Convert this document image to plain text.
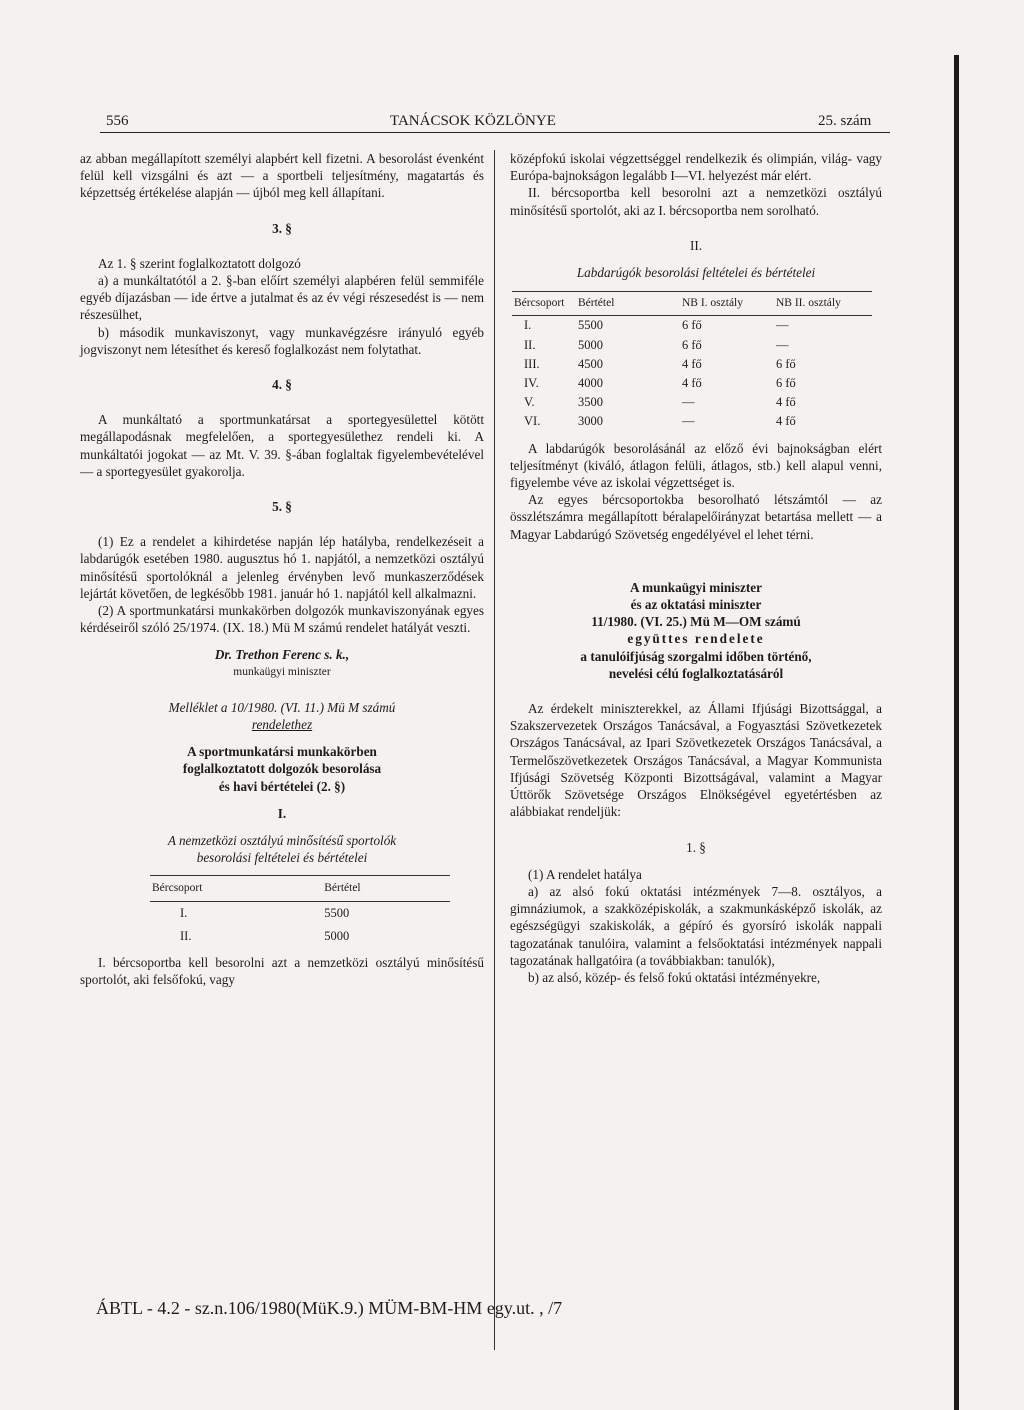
556	TANÁCSOK KÖZLÖNYE	25. szám

az abban megállapított személyi alapbért kell fizetni. A besorolást évenként felül kell vizsgálni és azt — a sportbeli teljesítmény, magatartás és képzettség értékelése alapján — újból meg kell állapítani.

3. §

Az 1. § szerint foglalkoztatott dolgozó

a) a munkáltatótól a 2. §-ban előírt személyi alapbéren felül semmiféle egyéb díjazásban — ide értve a jutalmat és az év végi részesedést is — nem részesülhet,

b) második munkaviszonyt, vagy munkavégzésre irányuló egyéb jogviszonyt nem létesíthet és kereső foglalkozást nem folytathat.

4. §

A munkáltató a sportmunkatársat a sportegyesülettel kötött megállapodásnak megfelelően, a sportegyesülethez rendeli ki. A munkáltatói jogokat — az Mt. V. 39. §-ában foglaltak figyelembevételével — a sportegyesület gyakorolja.

5. §

(1) Ez a rendelet a kihirdetése napján lép hatályba, rendelkezéseit a labdarúgók esetében 1980. augusztus hó 1. napjától, a nemzetközi osztályú minősítésű sportolóknál a jelenleg érvényben levő munkaszerződések lejártát követően, de legkésőbb 1981. január hó 1. napjától kell alkalmazni.

(2) A sportmunkatársi munkakörben dolgozók munkaviszonyának egyes kérdéseiről szóló 25/1974. (IX. 18.) Mü M számú rendelet hatályát veszti.

Dr. Trethon Ferenc s. k.,

munkaügyi miniszter

Melléklet a 10/1980. (VI. 11.) Mü M számú

rendelethez

A sportmunkatársi munkakörben

foglalkoztatott dolgozók besorolása

és havi bértételei (2. §)

I.

A nemzetközi osztályú minősítésű sportolók

besorolási feltételei és bértételei

Bércsoport	Bértétel
I.	5500
II.	5000

I. bércsoportba kell besorolni azt a nemzetközi osztályú minősítésű sportolót, aki felsőfokú, vagy

középfokú iskolai végzettséggel rendelkezik és olimpián, világ- vagy Európa-bajnokságon legalább I—VI. helyezést már elért.

II. bércsoportba kell besorolni azt a nemzetközi osztályú minősítésű sportolót, aki az I. bércsoportba nem sorolható.

II.

Labdarúgók besorolási feltételei és bértételei

Bércsoport	Bértétel	NB I. osztály	NB II. osztály
I.	5500	6 fő	—
II.	5000	6 fő	—
III.	4500	4 fő	6 fő
IV.	4000	4 fő	6 fő
V.	3500	—	4 fő
VI.	3000	—	4 fő

A labdarúgók besorolásánál az előző évi bajnokságban elért teljesítményt (kiváló, átlagon felüli, átlagos, stb.) kell alapul venni, figyelembe véve az iskolai végzettséget is.

Az egyes bércsoportokba besorolható létszámtól — az összlétszámra megállapított béralapelőirányzat betartása mellett — a Magyar Labdarúgó Szövetség engedélyével el lehet térni.

A munkaügyi miniszter

és az oktatási miniszter

11/1980. (VI. 25.) Mü M—OM számú

együttes rendelete

a tanulóifjúság szorgalmi időben történő,

nevelési célú foglalkoztatásáról

Az érdekelt miniszterekkel, az Állami Ifjúsági Bizottsággal, a Szakszervezetek Országos Tanácsával, a Fogyasztási Szövetkezetek Országos Tanácsával, az Ipari Szövetkezetek Országos Tanácsával, a Termelőszövetkezetek Országos Tanácsával, a Magyar Kommunista Ifjúsági Szövetség Központi Bizottságával, valamint a Magyar Úttörők Szövetsége Országos Elnökségével egyetértésben az alábbiakat rendeljük:

1. §

(1) A rendelet hatálya

a) az alsó fokú oktatási intézmények 7—8. osztályos, a gimnáziumok, a szakközépiskolák, a szakmunkásképző iskolák, az egészségügyi szakiskolák, a gépíró és gyorsíró iskolák nappali tagozatának tanulóira, valamint a felsőoktatási intézmények nappali tagozatának hallgatóira (a továbbiakban: tanulók),

b) az alsó, közép- és felső fokú oktatási intézményekre,

ÁBTL - 4.2 - sz.n.106/1980(MüK.9.) MÜM-BM-HM egy.ut. , /7
